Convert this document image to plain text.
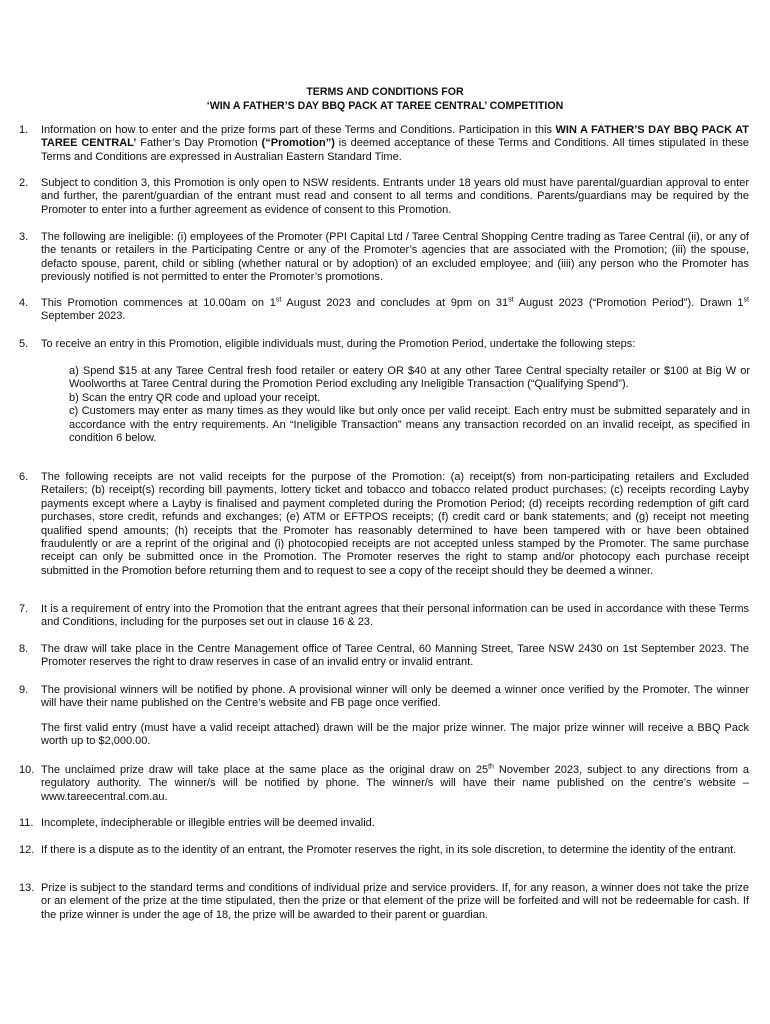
TERMS AND CONDITIONS FOR
‘WIN A FATHER’S DAY BBQ PACK AT TAREE CENTRAL’ COMPETITION
1.	Information on how to enter and the prize forms part of these Terms and Conditions. Participation in this WIN A FATHER’S DAY BBQ PACK AT TAREE CENTRAL’ Father’s Day Promotion (“Promotion”) is deemed acceptance of these Terms and Conditions. All times stipulated in these Terms and Conditions are expressed in Australian Eastern Standard Time.
2.	Subject to condition 3, this Promotion is only open to NSW residents. Entrants under 18 years old must have parental/guardian approval to enter and further, the parent/guardian of the entrant must read and consent to all terms and conditions. Parents/guardians may be required by the Promoter to enter into a further agreement as evidence of consent to this Promotion.
3.	The following are ineligible: (i) employees of the Promoter (PPI Capital Ltd / Taree Central Shopping Centre trading as Taree Central (ii), or any of the tenants or retailers in the Participating Centre or any of the Promoter’s agencies that are associated with the Promotion; (iii) the spouse, defacto spouse, parent, child or sibling (whether natural or by adoption) of an excluded employee; and (iiii) any person who the Promoter has previously notified is not permitted to enter the Promoter’s promotions.
4.	This Promotion commences at 10.00am on 1st August 2023 and concludes at 9pm on 31st August 2023 (“Promotion Period”). Drawn 1st September 2023.
5.	To receive an entry in this Promotion, eligible individuals must, during the Promotion Period, undertake the following steps:
a) Spend $15 at any Taree Central fresh food retailer or eatery OR $40 at any other Taree Central specialty retailer or $100 at Big W or Woolworths at Taree Central during the Promotion Period excluding any Ineligible Transaction (“Qualifying Spend”).
b) Scan the entry QR code and upload your receipt.
c) Customers may enter as many times as they would like but only once per valid receipt. Each entry must be submitted separately and in accordance with the entry requirements. An “Ineligible Transaction” means any transaction recorded on an invalid receipt, as specified in condition 6 below.
6.	The following receipts are not valid receipts for the purpose of the Promotion: (a) receipt(s) from non-participating retailers and Excluded Retailers; (b) receipt(s) recording bill payments, lottery ticket and tobacco and tobacco related product purchases; (c) receipts recording Layby payments except where a Layby is finalised and payment completed during the Promotion Period; (d) receipts recording redemption of gift card purchases, store credit, refunds and exchanges; (e) ATM or EFTPOS receipts; (f) credit card or bank statements; and (g) receipt not meeting qualified spend amounts; (h) receipts that the Promoter has reasonably determined to have been tampered with or have been obtained fraudulently or are a reprint of the original and (i) photocopied receipts are not accepted unless stamped by the Promoter. The same purchase receipt can only be submitted once in the Promotion. The Promoter reserves the right to stamp and/or photocopy each purchase receipt submitted in the Promotion before returning them and to request to see a copy of the receipt should they be deemed a winner.
7.	It is a requirement of entry into the Promotion that the entrant agrees that their personal information can be used in accordance with these Terms and Conditions, including for the purposes set out in clause 16 & 23.
8.	The draw will take place in the Centre Management office of Taree Central, 60 Manning Street, Taree NSW 2430 on 1st September 2023. The Promoter reserves the right to draw reserves in case of an invalid entry or invalid entrant.
9.	The provisional winners will be notified by phone. A provisional winner will only be deemed a winner once verified by the Promoter. The winner will have their name published on the Centre’s website and FB page once verified.
The first valid entry (must have a valid receipt attached) drawn will be the major prize winner. The major prize winner will receive a BBQ Pack worth up to $2,000.00.
10. The unclaimed prize draw will take place at the same place as the original draw on 25th November 2023, subject to any directions from a regulatory authority. The winner/s will be notified by phone. The winner/s will have their name published on the centre’s website – www.tareecentral.com.au.
11. Incomplete, indecipherable or illegible entries will be deemed invalid.
12. If there is a dispute as to the identity of an entrant, the Promoter reserves the right, in its sole discretion, to determine the identity of the entrant.
13. Prize is subject to the standard terms and conditions of individual prize and service providers. If, for any reason, a winner does not take the prize or an element of the prize at the time stipulated, then the prize or that element of the prize will be forfeited and will not be redeemable for cash. If the prize winner is under the age of 18, the prize will be awarded to their parent or guardian.
